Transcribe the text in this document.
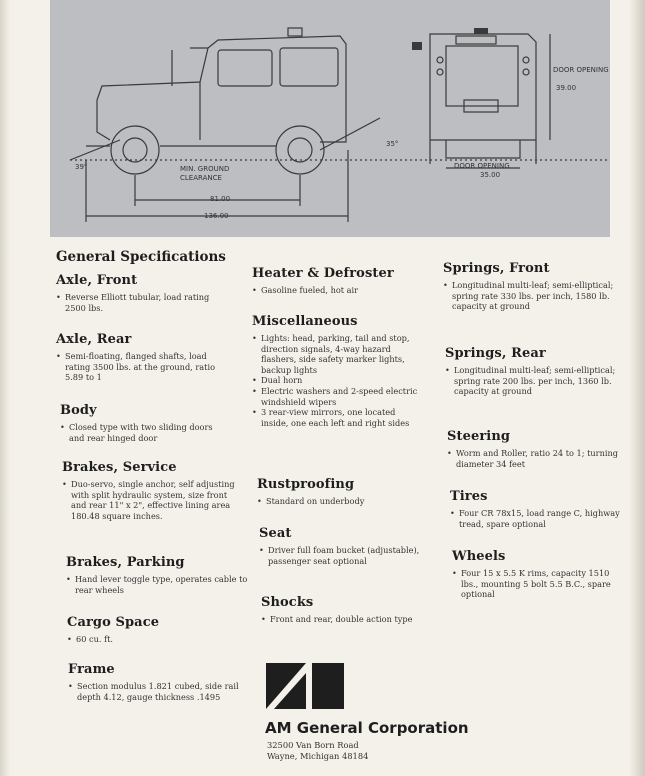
DOOR OPENING
39.00
DOOR OPENING
35.00
MIN. GROUND
CLEARANCE
81.00
136.00
39°
35°
General Specifications
Axle, Front

• Reverse Elliott tubular, load rating 2500 lbs.

Axle, Rear

• Semi-floating, flanged shafts, load rating 3500 lbs. at the ground, ratio 5.89 to 1

Body

• Closed type with two sliding doors and rear hinged door

Brakes, Service

• Duo-servo, single anchor, self adjusting with split hydraulic system, size front and rear 11" x 2", effective lining area 180.48 square inches.

Brakes, Parking

• Hand lever toggle type, operates cable to rear wheels

Cargo Space

• 60 cu. ft.

Frame

• Section modulus 1.821 cubed, side rail depth 4.12, gauge thickness .1495

Heater & Defroster

• Gasoline fueled, hot air

Miscellaneous

• Lights: head, parking, tail and stop, direction signals, 4-way hazard flashers, side safety marker lights, backup lights

• Dual horn

• Electric washers and 2-speed electric windshield wipers

• 3 rear-view mirrors, one located inside, one each left and right sides

Rustproofing

• Standard on underbody

Seat

• Driver full foam bucket (adjustable), passenger seat optional

Shocks

• Front and rear, double action type

Springs, Front

• Longitudinal multi-leaf; semi-elliptical; spring rate 330 lbs. per inch, 1580 lb. capacity at ground

Springs, Rear

• Longitudinal multi-leaf; semi-elliptical; spring rate 200 lbs. per inch, 1360 lb. capacity at ground

Steering

• Worm and Roller, ratio 24 to 1; turning diameter 34 feet

Tires

• Four CR 78x15, load range C, highway tread, spare optional

Wheels

• Four 15 x 5.5 K rims, capacity 1510 lbs., mounting 5 bolt 5.5 B.C., spare optional

AM General Corporation
32500 Van Born Road
Wayne, Michigan 48184
